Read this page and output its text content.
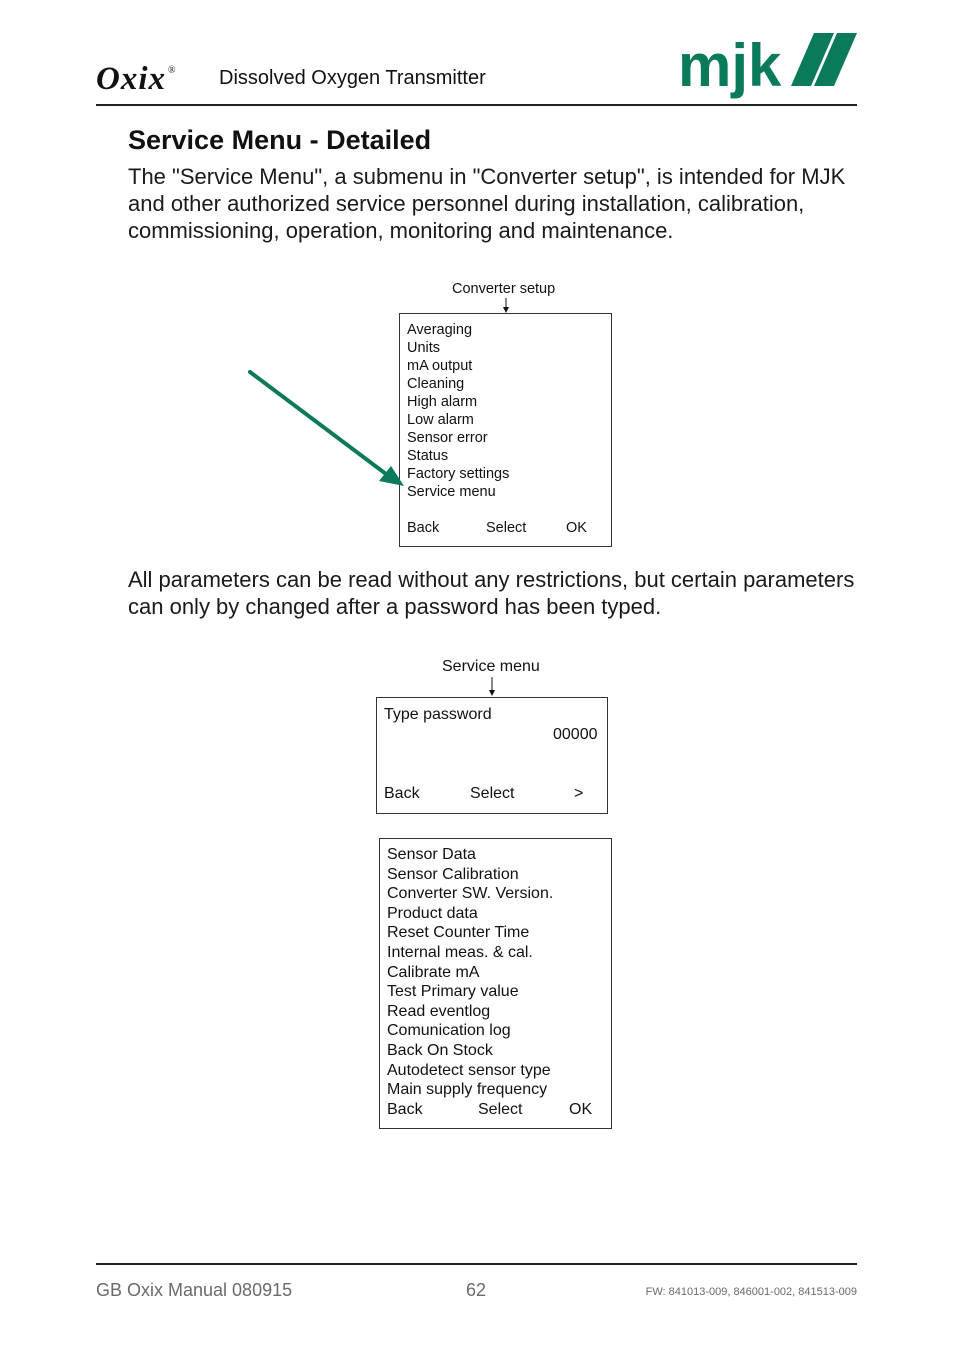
Oxix ® Dissolved Oxygen Transmitter	mjk
Service Menu - Detailed
The "Service Menu", a submenu in "Converter setup", is intended for MJK
and other authorized service personnel during installation, calibration,
commissioning, operation, monitoring and maintenance.
Converter setup
Averaging
Units
mA output
Cleaning
High alarm
Low alarm
Sensor error
Status
Factory settings
Service menu
Back	Select	OK
All parameters can be read without any restrictions, but certain parameters
can only by changed after a password has been typed.
Service menu
Type password
00000
Back	Select	>
Sensor Data
Sensor Calibration
Converter SW. Version.
Product data
Reset Counter Time
Internal meas. & cal.
Calibrate mA
Test Primary value
Read eventlog
Comunication log
Back On Stock
Autodetect sensor type
Main supply frequency
Back	Select	OK
GB Oxix Manual 080915	62	FW: 841013-009, 846001-002, 841513-009
